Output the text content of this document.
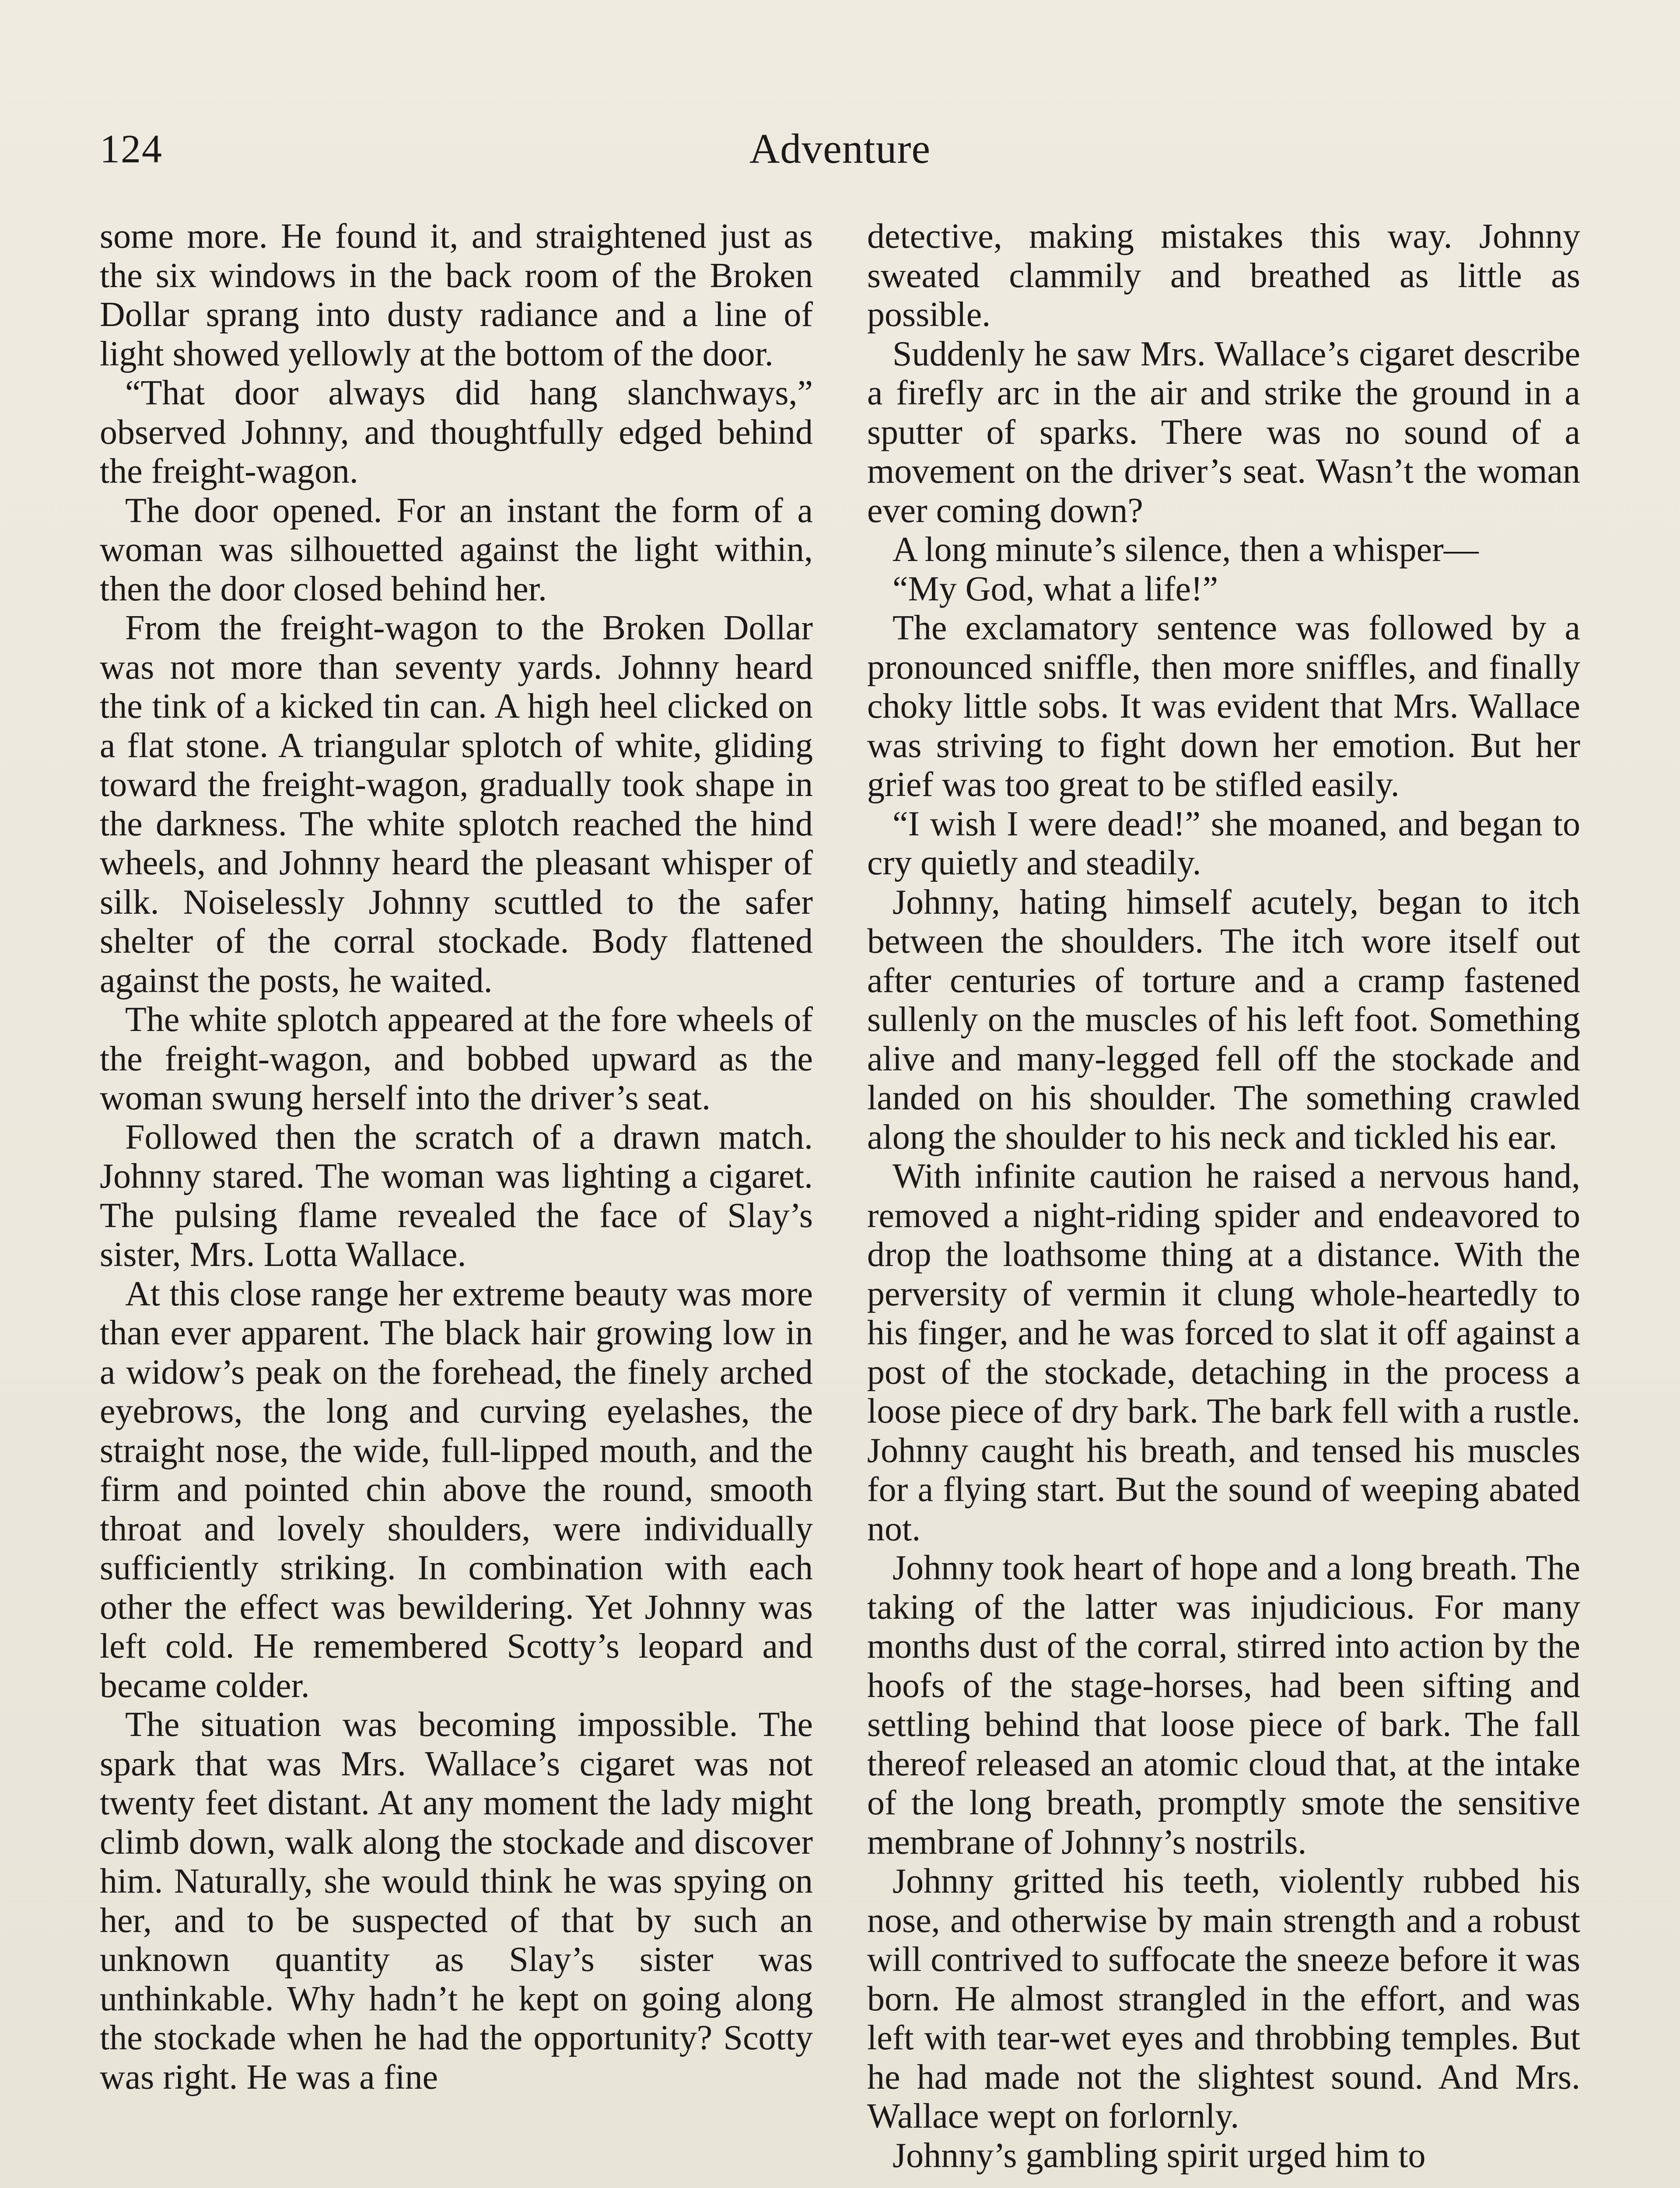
124	Adventure

some more. He found it, and straightened just as the six windows in the back room of the Broken Dollar sprang into dusty radiance and a line of light showed yellowly at the bottom of the door.

“That door always did hang slanchways,” observed Johnny, and thoughtfully edged behind the freight-wagon.

The door opened. For an instant the form of a woman was silhouetted against the light within, then the door closed behind her.

From the freight-wagon to the Broken Dollar was not more than seventy yards. Johnny heard the tink of a kicked tin can. A high heel clicked on a flat stone. A triangular splotch of white, gliding toward the freight-wagon, gradually took shape in the darkness. The white splotch reached the hind wheels, and Johnny heard the pleasant whisper of silk. Noiselessly Johnny scuttled to the safer shelter of the corral stockade. Body flattened against the posts, he waited.

The white splotch appeared at the fore wheels of the freight-wagon, and bobbed upward as the woman swung herself into the driver’s seat.

Followed then the scratch of a drawn match. Johnny stared. The woman was lighting a cigaret. The pulsing flame revealed the face of Slay’s sister, Mrs. Lotta Wallace.

At this close range her extreme beauty was more than ever apparent. The black hair growing low in a widow’s peak on the forehead, the finely arched eyebrows, the long and curving eyelashes, the straight nose, the wide, full-lipped mouth, and the firm and pointed chin above the round, smooth throat and lovely shoulders, were individually sufficiently striking. In combination with each other the effect was bewildering. Yet Johnny was left cold. He remembered Scotty’s leopard and became colder.

The situation was becoming impossible. The spark that was Mrs. Wallace’s cigaret was not twenty feet distant. At any moment the lady might climb down, walk along the stockade and discover him. Naturally, she would think he was spying on her, and to be suspected of that by such an unknown quantity as Slay’s sister was unthinkable. Why hadn’t he kept on going along the stockade when he had the opportunity? Scotty was right. He was a fine

detective, making mistakes this way. Johnny sweated clammily and breathed as little as possible.

Suddenly he saw Mrs. Wallace’s cigaret describe a firefly arc in the air and strike the ground in a sputter of sparks. There was no sound of a movement on the driver’s seat. Wasn’t the woman ever coming down?

A long minute’s silence, then a whisper—

“My God, what a life!”

The exclamatory sentence was followed by a pronounced sniffle, then more sniffles, and finally choky little sobs. It was evident that Mrs. Wallace was striving to fight down her emotion. But her grief was too great to be stifled easily.

“I wish I were dead!” she moaned, and began to cry quietly and steadily.

Johnny, hating himself acutely, began to itch between the shoulders. The itch wore itself out after centuries of torture and a cramp fastened sullenly on the muscles of his left foot. Something alive and many-legged fell off the stockade and landed on his shoulder. The something crawled along the shoulder to his neck and tickled his ear.

With infinite caution he raised a nervous hand, removed a night-riding spider and endeavored to drop the loathsome thing at a distance. With the perversity of vermin it clung whole-heartedly to his finger, and he was forced to slat it off against a post of the stockade, detaching in the process a loose piece of dry bark. The bark fell with a rustle. Johnny caught his breath, and tensed his muscles for a flying start. But the sound of weeping abated not.

Johnny took heart of hope and a long breath. The taking of the latter was injudicious. For many months dust of the corral, stirred into action by the hoofs of the stage-horses, had been sifting and settling behind that loose piece of bark. The fall thereof released an atomic cloud that, at the intake of the long breath, promptly smote the sensitive membrane of Johnny’s nostrils.

Johnny gritted his teeth, violently rubbed his nose, and otherwise by main strength and a robust will contrived to suffocate the sneeze before it was born. He almost strangled in the effort, and was left with tear-wet eyes and throbbing temples. But he had made not the slightest sound. And Mrs. Wallace wept on forlornly.

Johnny’s gambling spirit urged him to
